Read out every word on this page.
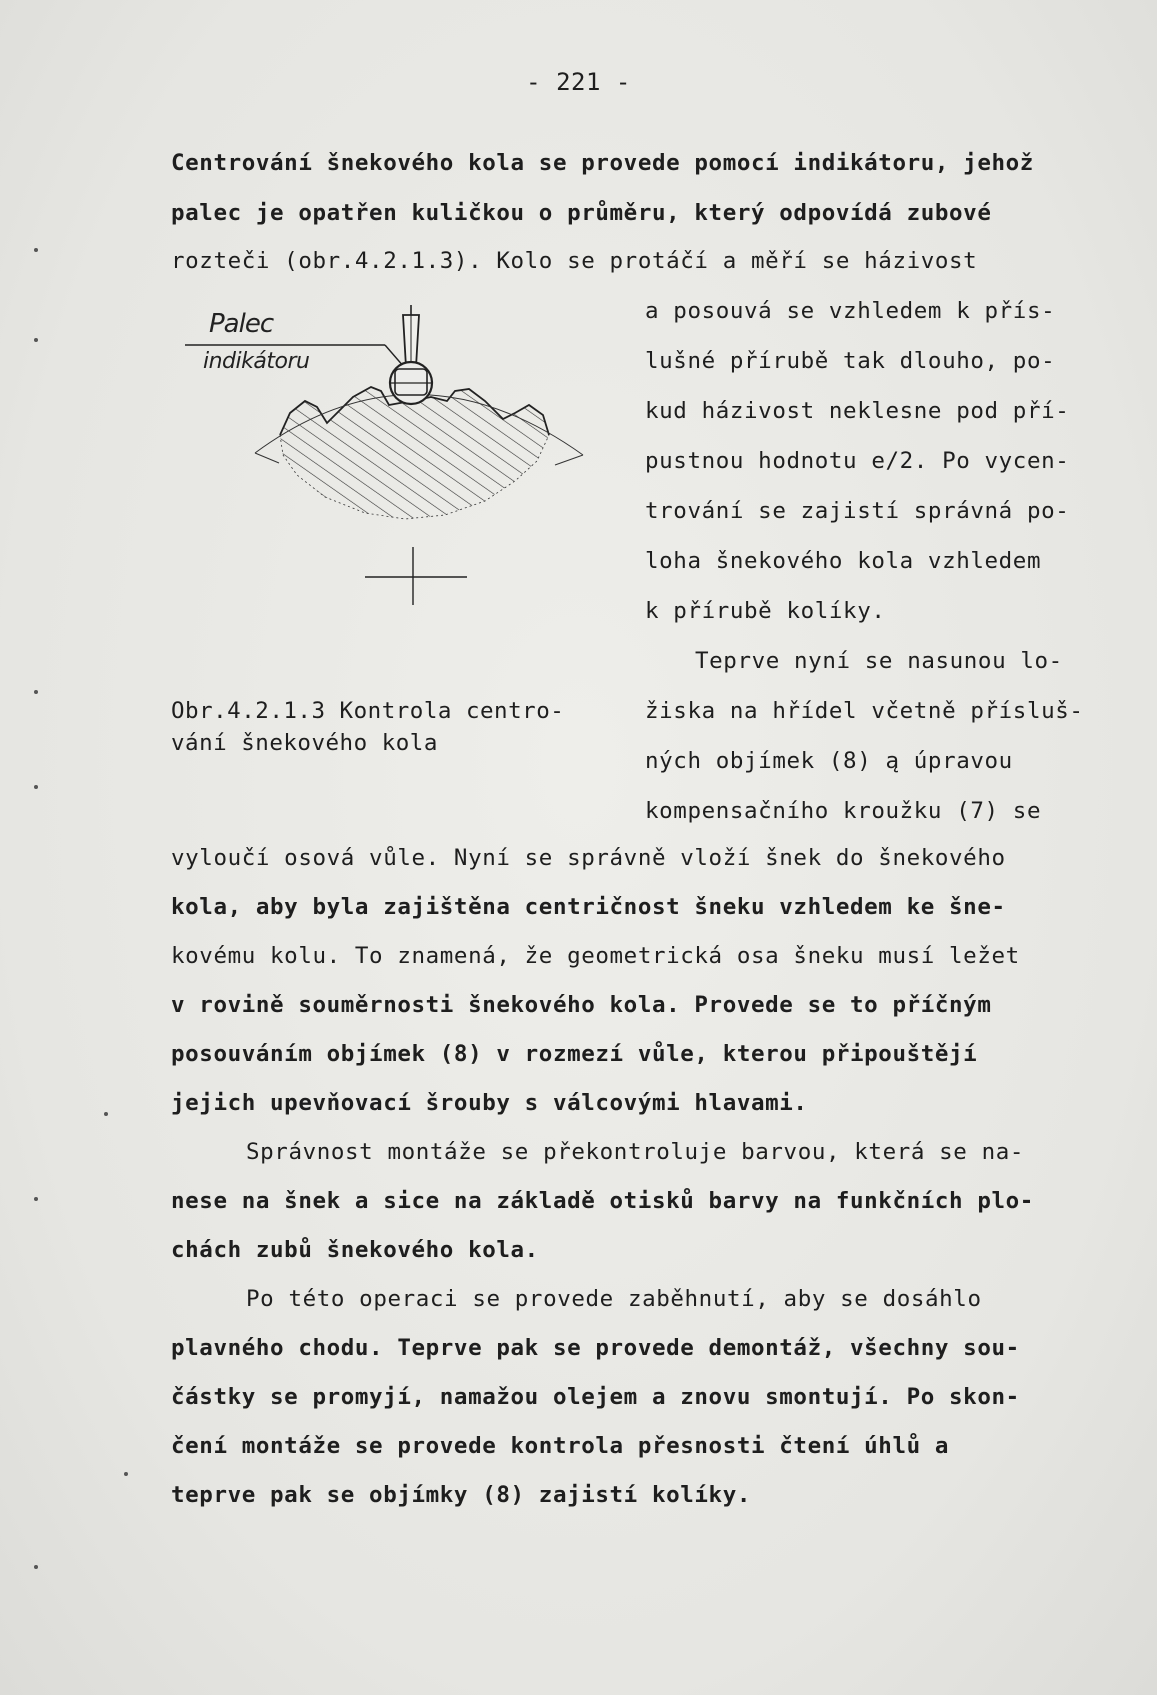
- 221 -
Centrování šnekového kola se provede pomocí indikátoru, jehož
palec je opatřen kuličkou o průměru, který odpovídá zubové
rozteči (obr.4.2.1.3). Kolo se protáčí a měří se házivost
a posouvá se vzhledem k přís-
lušné přírubě tak dlouho, po-
kud házivost neklesne pod pří-
pustnou hodnotu e/2. Po vycen-
trování se zajistí správná po-
loha šnekového kola vzhledem
k přírubě kolíky.
Teprve nyní se nasunou lo-
žiska na hřídel včetně přísluš-
ných objímek (8) ą úpravou
kompensačního kroužku (7) se
Obr.4.2.1.3 Kontrola centro-
vání šnekového kola
vyloučí osová vůle. Nyní se správně vloží šnek do šnekového
kola, aby byla zajištěna centričnost šneku vzhledem ke šne-
kovému kolu. To znamená, že geometrická osa šneku musí ležet
v rovině souměrnosti šnekového kola. Provede se to příčným
posouváním objímek (8) v rozmezí vůle, kterou připouštějí
jejich upevňovací šrouby s válcovými hlavami.
Správnost montáže se překontroluje barvou, která se na-
nese na šnek a sice na základě otisků barvy na funkčních plo-
chách zubů šnekového kola.
Po této operaci se provede zaběhnutí, aby se dosáhlo
plavného chodu. Teprve pak se provede demontáž, všechny sou-
částky se promyjí, namažou olejem a znovu smontují. Po skon-
čení montáže se provede kontrola přesnosti čtení úhlů a
teprve pak se objímky (8) zajistí kolíky.
Palec
indikátoru
